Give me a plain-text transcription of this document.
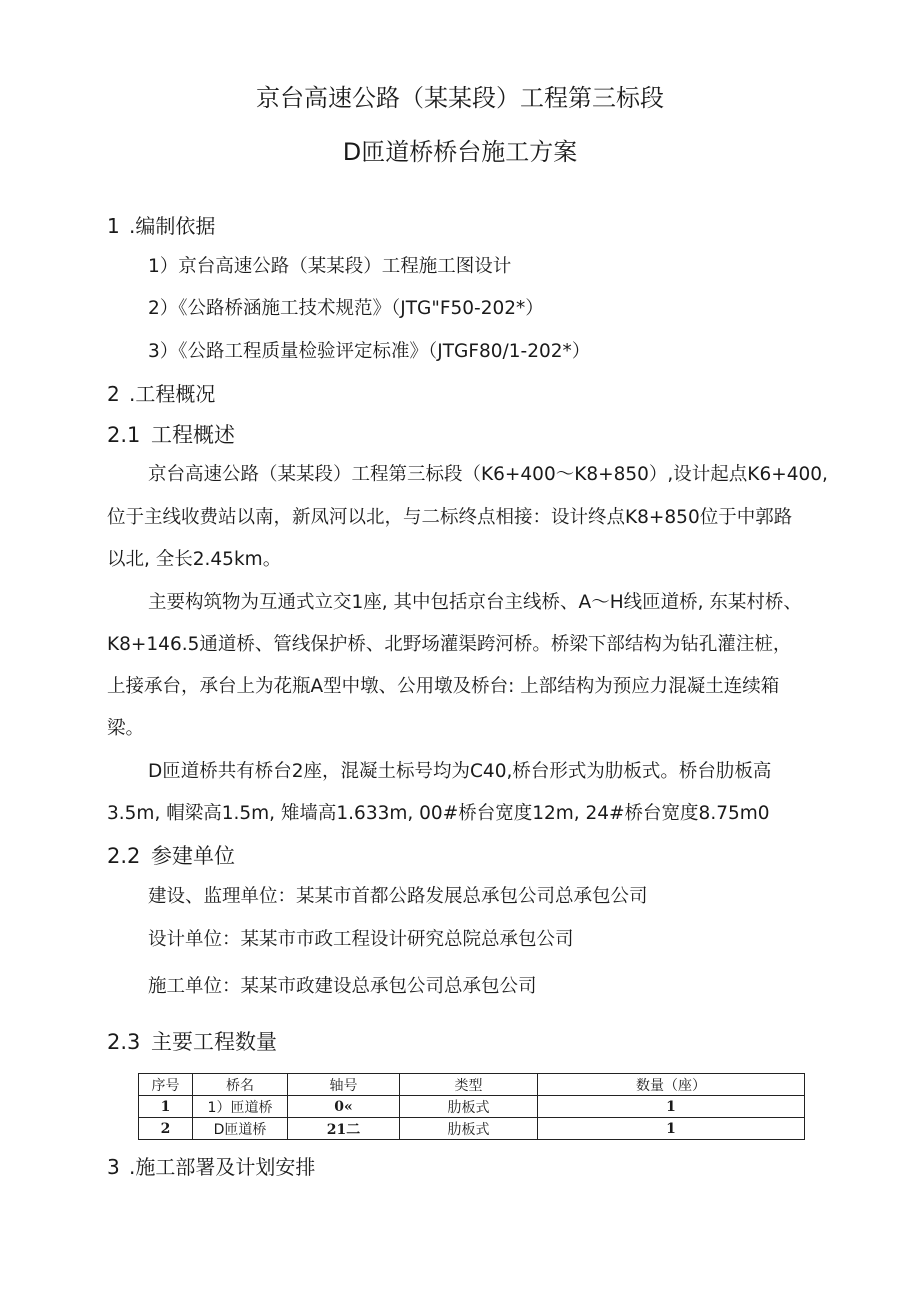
京台高速公路（某某段）工程第三标段
D匝道桥桥台施工方案
1 .编制依据
1）京台高速公路（某某段）工程施工图设计
2）《公路桥涵施工技术规范》（JTG"F50-202*）
3）《公路工程质量检验评定标准》（JTGF80/1-202*）
2 .工程概况
2.1 工程概述
京台高速公路（某某段）工程第三标段（K6+400～K8+850）,设计起点K6+400,
位于主线收费站以南，新凤河以北，与二标终点相接：设计终点K8+850位于中郭路
以北, 全长2.45km。
主要构筑物为互通式立交1座, 其中包括京台主线桥、A～H线匝道桥, 东某村桥、
K8+146.5通道桥、管线保护桥、北野场灌渠跨河桥。桥梁下部结构为钻孔灌注桩，
上接承台，承台上为花瓶A型中墩、公用墩及桥台: 上部结构为预应力混凝土连续箱
梁。
D匝道桥共有桥台2座，混凝土标号均为C40,桥台形式为肋板式。桥台肋板高
3.5m, 帽梁高1.5m, 雉墙高1.633m, 00#桥台宽度12m, 24#桥台宽度8.75m0
2.2 参建单位
建设、监理单位：某某市首都公路发展总承包公司总承包公司
设计单位：某某市市政工程设计研究总院总承包公司
施工单位：某某市政建设总承包公司总承包公司
2.3 主要工程数量
序号	桥名	轴号	类型	数量（座）
1	1）匝道桥	0«	肋板式	1
2	D匝道桥	21二	肋板式	1
3 .施工部署及计划安排
